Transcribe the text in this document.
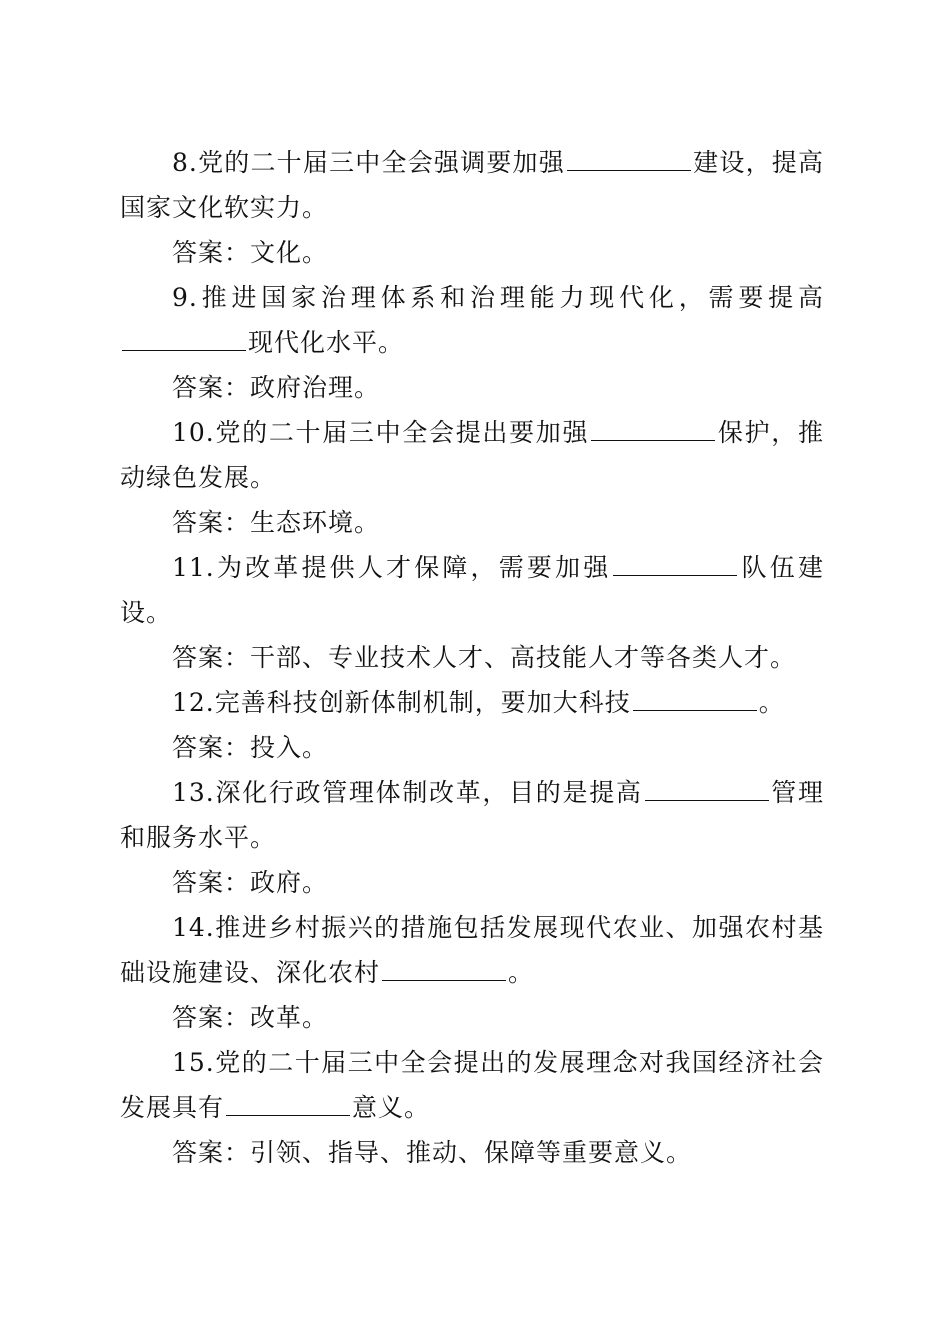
8.党的二十届三中全会强调要加强	建设，提高国家文化软实力。

答案：文化。

9.推进国家治理体系和治理能力现代化，需要提高现代化水平。

答案：政府治理。

10.党的二十届三中全会提出要加强	保护，推动绿色发展。

答案：生态环境。

11.为改革提供人才保障，需要加强	队伍建设。

答案：干部、专业技术人才、高技能人才等各类人才。

12.完善科技创新体制机制，要加大科技	。

答案：投入。

13.深化行政管理体制改革，目的是提高	管理和服务水平。

答案：政府。

14.推进乡村振兴的措施包括发展现代农业、加强农村基础设施建设、深化农村	。

答案：改革。

15.党的二十届三中全会提出的发展理念对我国经济社会发展具有	意义。

答案：引领、指导、推动、保障等重要意义。
